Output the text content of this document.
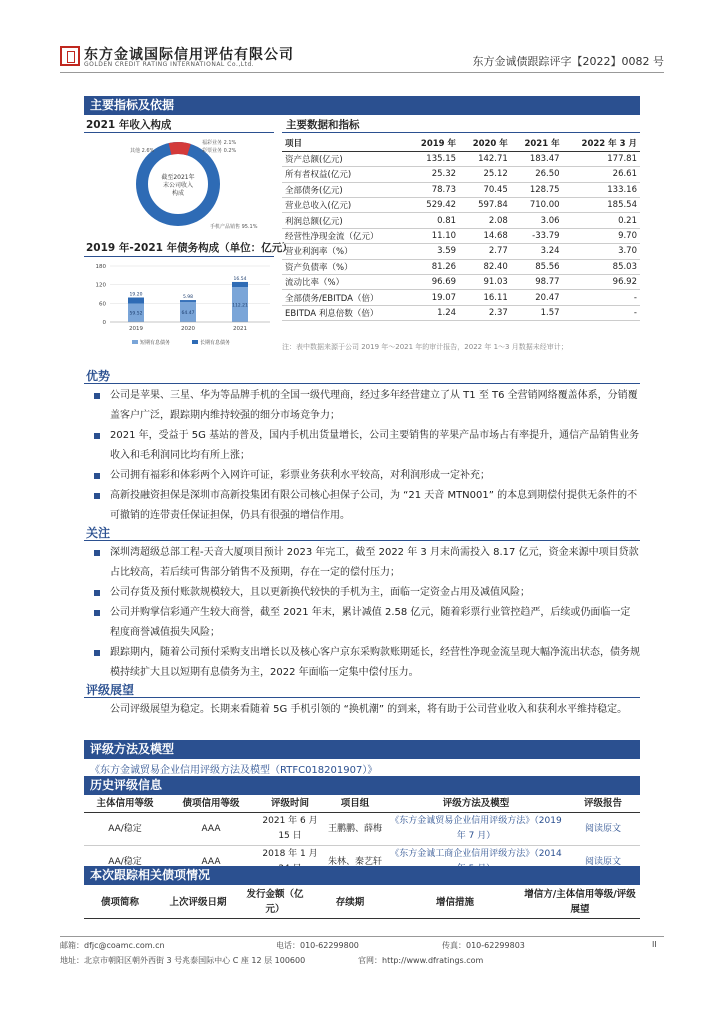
东方金诚国际信用评估有限公司
GOLDEN CREDIT RATING INTERNATIONAL Co.,Ltd.	东方金诚债跟踪评字【2022】0082 号
主要指标及依据
2021 年收入构成
截至2021年
末公司收入
构成
其他 2.6%
福彩业务 2.1%
彩票业务 0.2%
手机产品销售 95.1%
2019 年-2021 年债务构成（单位：亿元）
180
120
60
0
59.52
19.20
2019
64.47
5.98
2020
112.21
16.54
2021
短期有息债务	长期有息债务
主要数据和指标
项目	2019 年	2020 年	2021 年	2022 年 3 月
资产总额(亿元)	135.15	142.71	183.47	177.81
所有者权益(亿元)	25.32	25.12	26.50	26.61
全部债务(亿元)	78.73	70.45	128.75	133.16
营业总收入(亿元)	529.42	597.84	710.00	185.54
利润总额(亿元)	0.81	2.08	3.06	0.21
经营性净现金流（亿元）	11.10	14.68	-33.79	9.70
营业利润率（%）	3.59	2.77	3.24	3.70
资产负债率（%）	81.26	82.40	85.56	85.03
流动比率（%）	96.69	91.03	98.77	96.92
全部债务/EBITDA（倍）	19.07	16.11	20.47	-
EBITDA 利息倍数（倍）	1.24	2.37	1.57	-
注：表中数据来源于公司 2019 年～2021 年的审计报告，2022 年 1～3 月数据未经审计；
优势
公司是苹果、三星、华为等品牌手机的全国一级代理商，经过多年经营建立了从 T1 至 T6 全营销网络覆盖体系，分销覆盖客户广泛，跟踪期内维持较强的细分市场竞争力；
2021 年，受益于 5G 基站的普及，国内手机出货量增长，公司主要销售的苹果产品市场占有率提升，通信产品销售业务收入和毛利润同比均有所上涨；
公司拥有福彩和体彩两个入网许可证，彩票业务获利水平较高，对利润形成一定补充；
高新投融资担保是深圳市高新投集团有限公司核心担保子公司，为 “21 天音 MTN001” 的本息到期偿付提供无条件的不可撤销的连带责任保证担保，仍具有很强的增信作用。
关注
深圳湾超级总部工程-天音大厦项目预计 2023 年完工，截至 2022 年 3 月末尚需投入 8.17 亿元，资金来源中项目贷款占比较高，若后续可售部分销售不及预期，存在一定的偿付压力；
公司存货及预付账款规模较大，且以更新换代较快的手机为主，面临一定资金占用及减值风险；
公司并购掌信彩通产生较大商誉，截至 2021 年末，累计减值 2.58 亿元，随着彩票行业管控趋严，后续或仍面临一定程度商誉减值损失风险；
跟踪期内，随着公司预付采购支出增长以及核心客户京东采购款账期延长，经营性净现金流呈现大幅净流出状态，债务规模持续扩大且以短期有息债务为主，2022 年面临一定集中偿付压力。
评级展望
公司评级展望为稳定。长期来看随着 5G 手机引领的 “换机潮” 的到来，将有助于公司营业收入和获利水平维持稳定。
评级方法及模型
《东方金诚贸易企业信用评级方法及模型（RTFC018201907）》
历史评级信息
主体信用等级	债项信用等级	评级时间	项目组	评级方法及模型	评级报告
AA/稳定	AAA	2021 年 6 月 15 日	王鹏鹏、薛梅	《东方金诚贸易企业信用评级方法》（2019 年 7 月）	阅读原文
AA/稳定	AAA	2018 年 1 月	朱林、秦艺轩	《东方金诚工商企业信用评级方法》（2014	阅读原文
本次跟踪相关债项情况
债项简称	上次评级日期	发行金额（亿元）	存续期	增信措施	增信方/主体信用等级/评级展望
邮箱：dfjc@coamc.com.cn	电话：010-62299800	传真：010-62299803	II
地址：北京市朝阳区朝外西街 3 号兆泰国际中心 C 座 12 层 100600	官网：http://www.dfratings.com
